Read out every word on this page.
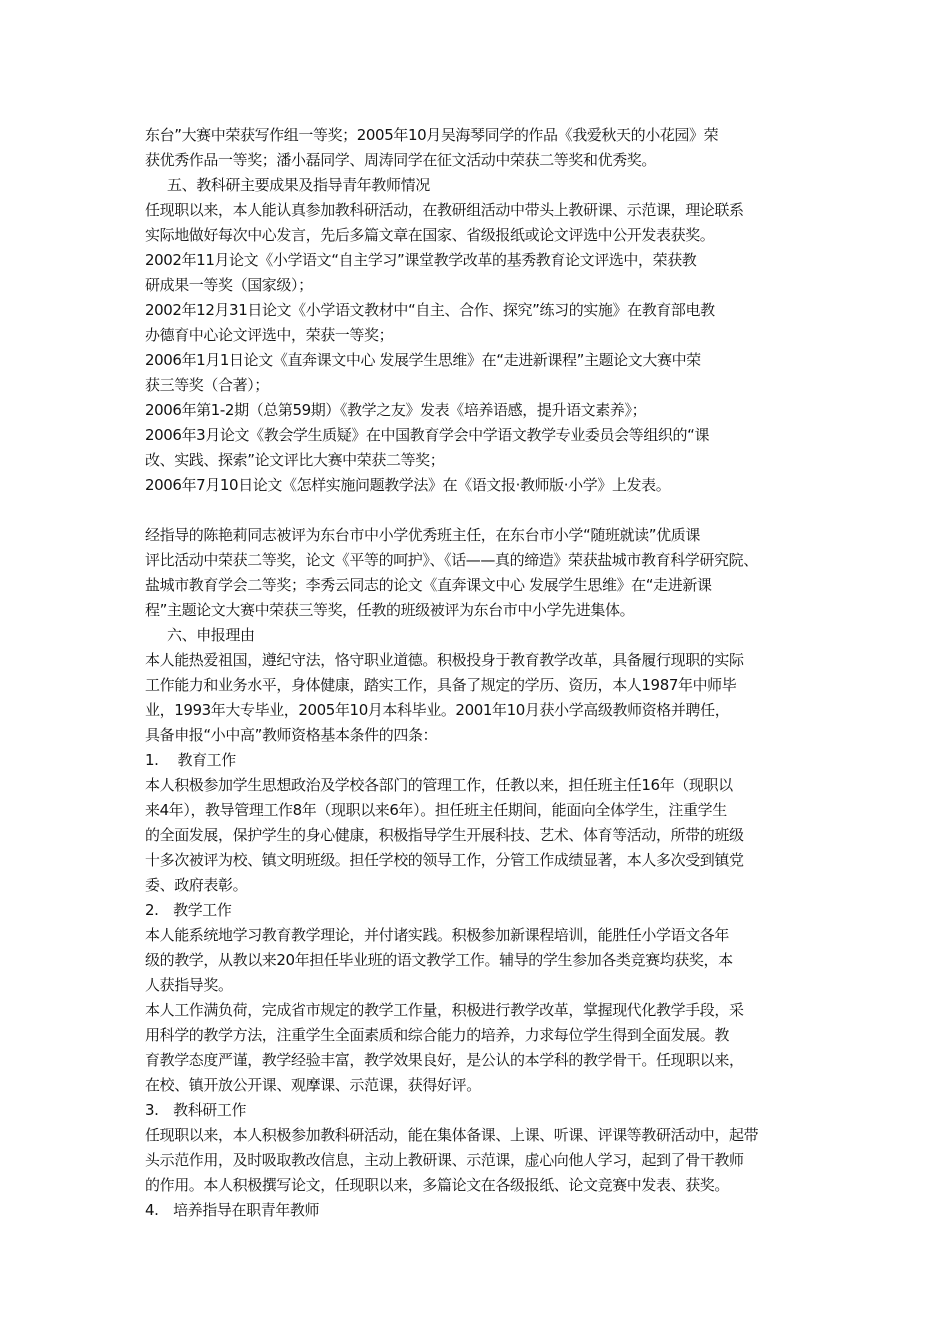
东台”大赛中荣获写作组一等奖；2005年10月吴海琴同学的作品《我爱秋天的小花园》荣

获优秀作品一等奖；潘小磊同学、周涛同学在征文活动中荣获二等奖和优秀奖。

五、教科研主要成果及指导青年教师情况

任现职以来，本人能认真参加教科研活动，在教研组活动中带头上教研课、示范课，理论联系

实际地做好每次中心发言，先后多篇文章在国家、省级报纸或论文评选中公开发表获奖。

2002年11月论文《小学语文“自主学习”课堂教学改革的基秀教育论文评选中，荣获教

研成果一等奖（国家级）；

2002年12月31日论文《小学语文教材中“自主、合作、探究”练习的实施》在教育部电教

办德育中心论文评选中，荣获一等奖；

2006年1月1日论文《直奔课文中心 发展学生思维》在“走进新课程”主题论文大赛中荣

获三等奖（合著）；

2006年第1-2期（总第59期）《教学之友》发表《培养语感，提升语文素养》；

2006年3月论文《教会学生质疑》在中国教育学会中学语文教学专业委员会等组织的“课

改、实践、探索”论文评比大赛中荣获二等奖；

2006年7月10日论文《怎样实施问题教学法》在《语文报·教师版·小学》上发表。

经指导的陈艳莉同志被评为东台市中小学优秀班主任，在东台市小学“随班就读”优质课

评比活动中荣获二等奖，论文《平等的呵护》、《话——真的缔造》荣获盐城市教育科学研究院、

盐城市教育学会二等奖；李秀云同志的论文《直奔课文中心 发展学生思维》在“走进新课

程”主题论文大赛中荣获三等奖，任教的班级被评为东台市中小学先进集体。

六、申报理由

本人能热爱祖国，遵纪守法，恪守职业道德。积极投身于教育教学改革，具备履行现职的实际

工作能力和业务水平，身体健康，踏实工作，具备了规定的学历、资历，本人1987年中师毕

业，1993年大专毕业，2005年10月本科毕业。2001年10月获小学高级教师资格并聘任，

具备申报“小中高”教师资格基本条件的四条：

1.　 教育工作

本人积极参加学生思想政治及学校各部门的管理工作，任教以来，担任班主任16年（现职以

来4年），教导管理工作8年（现职以来6年）。担任班主任期间，能面向全体学生，注重学生

的全面发展，保护学生的身心健康，积极指导学生开展科技、艺术、体育等活动，所带的班级

十多次被评为校、镇文明班级。担任学校的领导工作，分管工作成绩显著，本人多次受到镇党

委、政府表彰。

2.　教学工作

本人能系统地学习教育教学理论，并付诸实践。积极参加新课程培训，能胜任小学语文各年

级的教学，从教以来20年担任毕业班的语文教学工作。辅导的学生参加各类竞赛均获奖，本

人获指导奖。

本人工作满负荷，完成省市规定的教学工作量，积极进行教学改革，掌握现代化教学手段，采

用科学的教学方法，注重学生全面素质和综合能力的培养，力求每位学生得到全面发展。教

育教学态度严谨，教学经验丰富，教学效果良好，是公认的本学科的教学骨干。任现职以来，

在校、镇开放公开课、观摩课、示范课，获得好评。

3.　教科研工作

任现职以来，本人积极参加教科研活动，能在集体备课、上课、听课、评课等教研活动中，起带

头示范作用，及时吸取教改信息，主动上教研课、示范课，虚心向他人学习，起到了骨干教师

的作用。本人积极撰写论文，任现职以来，多篇论文在各级报纸、论文竞赛中发表、获奖。

4.　培养指导在职青年教师
